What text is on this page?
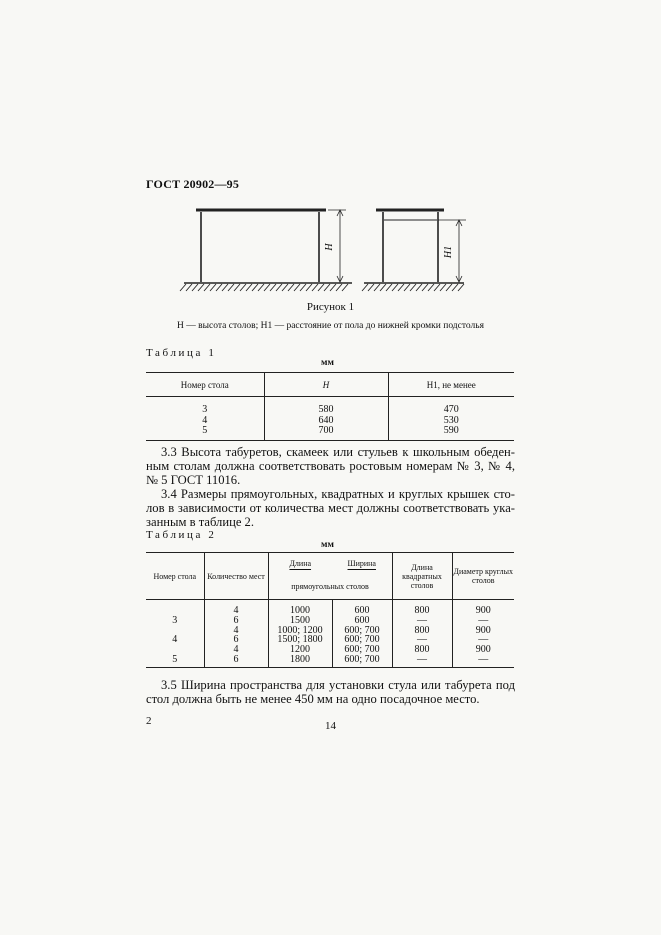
ГОСТ 20902—95
H	H1
Рисунок 1
H — высота столов; H1 — расстояние от пола до нижней кромки подстолья
Таблица 1
мм
Номер стола	H	H1, не менее
3	580	470
4	640	530
5	700	590
3.3 Высота табуретов, скамеек или стульев к школьным обеден-
ным столам должна соответствовать ростовым номерам № 3, № 4,
№ 5 ГОСТ 11016.
3.4 Размеры прямоугольных, квадратных и круглых крышек сто-
лов в зависимости от количества мест должны соответствовать ука-
занным в таблице 2.
Таблица 2
мм
Номер стола	Количество мест	Длина	Ширина	Длина квадратных столов	Диаметр круглых столов
		прямоугольных столов			
	4	1000	600	800	900
3	6	1500	600	—	—
	4	1000; 1200	600; 700	800	900
4	6	1500; 1800	600; 700	—	—
	4	1200	600; 700	800	900
5	6	1800	600; 700	—	—
3.5 Ширина пространства для установки стула или табурета под
стол должна быть не менее 450 мм на одно посадочное место.
2	14
